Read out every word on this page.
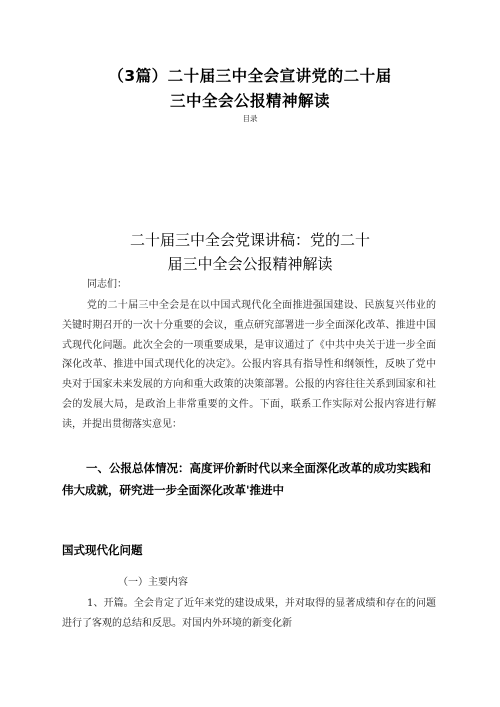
（3篇）二十届三中全会宣讲党的二十届
三中全会公报精神解读
目录
二十届三中全会党课讲稿：党的二十
届三中全会公报精神解读

同志们：

党的二十届三中全会是在以中国式现代化全面推进强国建设、民族复兴伟业的关键时期召开的一次十分重要的会议，重点研究部署进一步全面深化改革、推进中国式现代化问题。此次全会的一项重要成果，是审议通过了《中共中央关于进一步全面深化改革、推进中国式现代化的决定》。公报内容具有指导性和纲领性，反映了党中央对于国家未来发展的方向和重大政策的决策部署。公报的内容往往关系到国家和社会的发展大局，是政治上非常重要的文件。下面，联系工作实际对公报内容进行解读，并提出贯彻落实意见：

一、公报总体情况：高度评价新时代以来全面深化改革的成功实践和伟大成就，研究进一步全面深化改革'推进中

国式现代化问题

（一）主要内容

1、开篇。全会肯定了近年来党的建设成果，并对取得的显著成绩和存在的问题进行了客观的总结和反思。对国内外环境的新变化新
